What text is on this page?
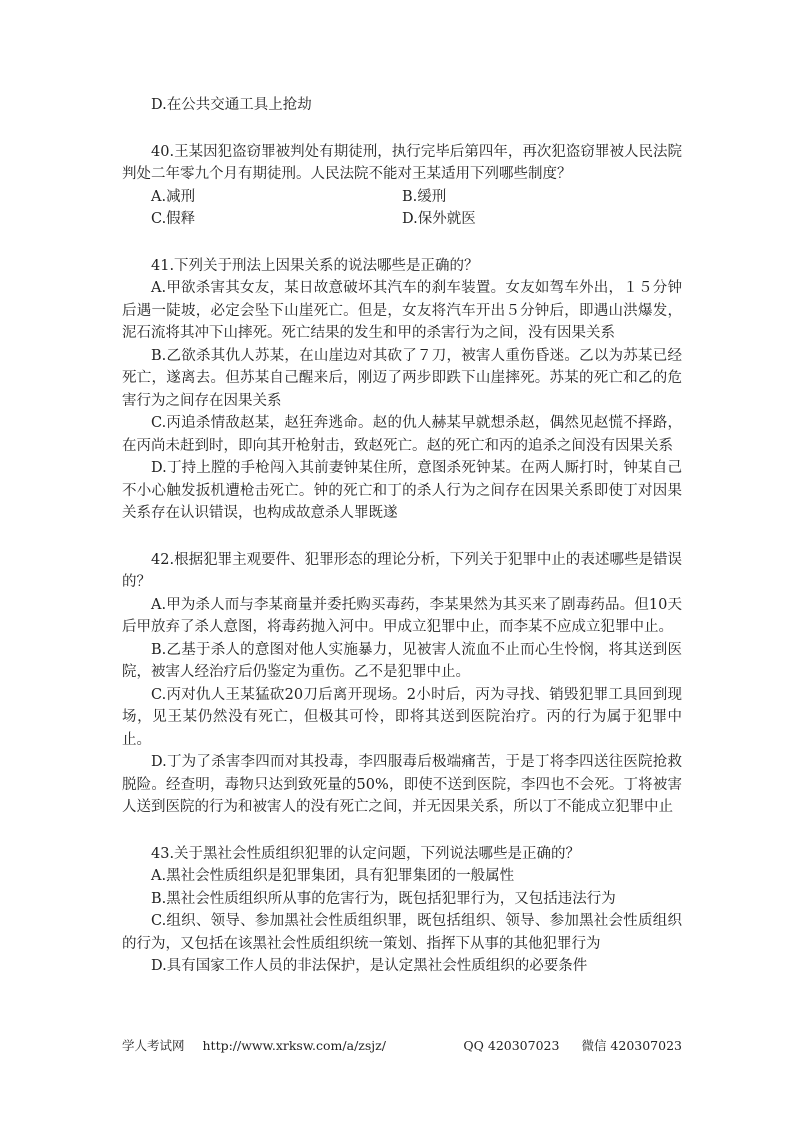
D.在公共交通工具上抢劫
40.王某因犯盗窃罪被判处有期徒刑，执行完毕后第四年，再次犯盗窃罪被人民法院判处二年零九个月有期徒刑。人民法院不能对王某适用下列哪些制度？
A.减刑	B.缓刑
C.假释	D.保外就医
41.下列关于刑法上因果关系的说法哪些是正确的？
A.甲欲杀害其女友，某日故意破坏其汽车的刹车装置。女友如驾车外出，１５分钟后遇一陡坡，必定会坠下山崖死亡。但是，女友将汽车开出５分钟后，即遇山洪爆发，泥石流将其冲下山摔死。死亡结果的发生和甲的杀害行为之间，没有因果关系
B.乙欲杀其仇人苏某，在山崖边对其砍了７刀，被害人重伤昏迷。乙以为苏某已经死亡，遂离去。但苏某自己醒来后，刚迈了两步即跌下山崖摔死。苏某的死亡和乙的危害行为之间存在因果关系
C.丙追杀情敌赵某，赵狂奔逃命。赵的仇人赫某早就想杀赵，偶然见赵慌不择路，在丙尚未赶到时，即向其开枪射击，致赵死亡。赵的死亡和丙的追杀之间没有因果关系
D.丁持上膛的手枪闯入其前妻钟某住所，意图杀死钟某。在两人厮打时，钟某自己不小心触发扳机遭枪击死亡。钟的死亡和丁的杀人行为之间存在因果关系即使丁对因果关系存在认识错误，也构成故意杀人罪既遂
42.根据犯罪主观要件、犯罪形态的理论分析，下列关于犯罪中止的表述哪些是错误的？
A.甲为杀人而与李某商量并委托购买毒药，李某果然为其买来了剧毒药品。但10天后甲放弃了杀人意图，将毒药抛入河中。甲成立犯罪中止，而李某不应成立犯罪中止。
B.乙基于杀人的意图对他人实施暴力，见被害人流血不止而心生怜悯，将其送到医院，被害人经治疗后仍鉴定为重伤。乙不是犯罪中止。
C.丙对仇人王某猛砍20刀后离开现场。2小时后，丙为寻找、销毁犯罪工具回到现场，见王某仍然没有死亡，但极其可怜，即将其送到医院治疗。丙的行为属于犯罪中止。
D.丁为了杀害李四而对其投毒，李四服毒后极端痛苦，于是丁将李四送往医院抢救脱险。经查明，毒物只达到致死量的50%，即使不送到医院，李四也不会死。丁将被害人送到医院的行为和被害人的没有死亡之间，并无因果关系，所以丁不能成立犯罪中止
43.关于黑社会性质组织犯罪的认定问题，下列说法哪些是正确的？
A.黑社会性质组织是犯罪集团，具有犯罪集团的一般属性
B.黑社会性质组织所从事的危害行为，既包括犯罪行为，又包括违法行为
C.组织、领导、参加黑社会性质组织罪，既包括组织、领导、参加黑社会性质组织的行为，又包括在该黑社会性质组织统一策划、指挥下从事的其他犯罪行为
D.具有国家工作人员的非法保护，是认定黑社会性质组织的必要条件
学人考试网 http://www.xrksw.com/a/zsjz/	QQ 420307023 微信 420307023
